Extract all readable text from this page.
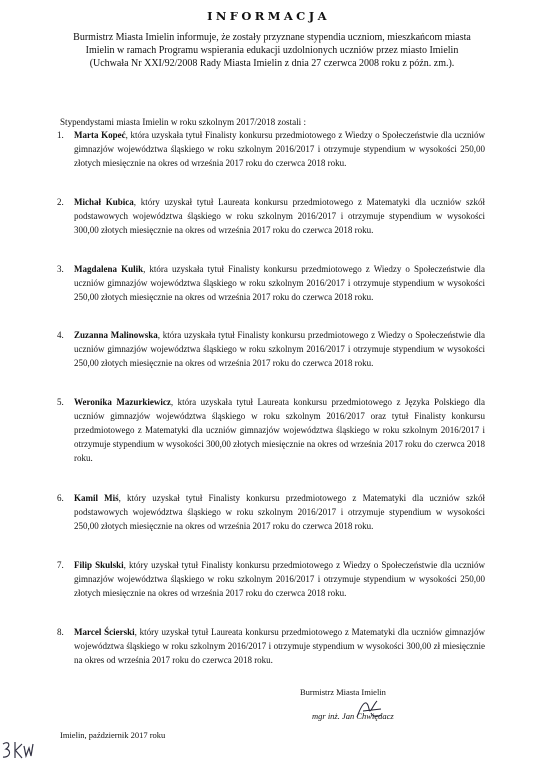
INFORMACJA
Burmistrz Miasta Imielin informuje, że zostały przyznane stypendia uczniom, mieszkańcom miasta Imielin w ramach Programu wspierania edukacji uzdolnionych uczniów przez miasto Imielin (Uchwała Nr XXI/92/2008 Rady Miasta Imielin z dnia 27 czerwca 2008 roku z późn. zm.).
Stypendystami miasta Imielin w roku szkolnym 2017/2018 zostali :
1. Marta Kopeć, która uzyskała tytuł Finalisty konkursu przedmiotowego z Wiedzy o Społeczeństwie dla uczniów gimnazjów województwa śląskiego w roku szkolnym 2016/2017 i otrzymuje stypendium w wysokości 250,00 złotych miesięcznie na okres od września 2017 roku do czerwca 2018 roku.

2. Michał Kubica, który uzyskał tytuł Laureata konkursu przedmiotowego z Matematyki dla uczniów szkół podstawowych województwa śląskiego w roku szkolnym 2016/2017 i otrzymuje stypendium w wysokości 300,00 złotych miesięcznie na okres od września 2017 roku do czerwca 2018 roku.

3. Magdalena Kulik, która uzyskała tytuł Finalisty konkursu przedmiotowego z Wiedzy o Społeczeństwie dla uczniów gimnazjów województwa śląskiego w roku szkolnym 2016/2017 i otrzymuje stypendium w wysokości 250,00 złotych miesięcznie na okres od września 2017 roku do czerwca 2018 roku.

4. Zuzanna Malinowska, która uzyskała tytuł Finalisty konkursu przedmiotowego z Wiedzy o Społeczeństwie dla uczniów gimnazjów województwa śląskiego w roku szkolnym 2016/2017 i otrzymuje stypendium w wysokości 250,00 złotych miesięcznie na okres od września 2017 roku do czerwca 2018 roku.

5. Weronika Mazurkiewicz, która uzyskała tytuł Laureata konkursu przedmiotowego z Języka Polskiego dla uczniów gimnazjów województwa śląskiego w roku szkolnym 2016/2017 oraz tytuł Finalisty konkursu przedmiotowego z Matematyki dla uczniów gimnazjów województwa śląskiego w roku szkolnym 2016/2017 i otrzymuje stypendium w wysokości 300,00 złotych miesięcznie na okres od września 2017 roku do czerwca 2018 roku.

6. Kamil Miś, który uzyskał tytuł Finalisty konkursu przedmiotowego z Matematyki dla uczniów szkół podstawowych województwa śląskiego w roku szkolnym 2016/2017 i otrzymuje stypendium w wysokości 250,00 złotych miesięcznie na okres od września 2017 roku do czerwca 2018 roku.

7. Filip Skulski, który uzyskał tytuł Finalisty konkursu przedmiotowego z Wiedzy o Społeczeństwie dla uczniów gimnazjów województwa śląskiego w roku szkolnym 2016/2017 i otrzymuje stypendium w wysokości 250,00 złotych miesięcznie na okres od września 2017 roku do czerwca 2018 roku.

8. Marcel Ścierski, który uzyskał tytuł Laureata konkursu przedmiotowego z Matematyki dla uczniów gimnazjów województwa śląskiego w roku szkolnym 2016/2017 i otrzymuje stypendium w wysokości 300,00 zł miesięcznie na okres od września 2017 roku do czerwca 2018 roku.

Burmistrz Miasta Imielin
mgr inż. Jan Chwiędacz
Imielin, październik 2017 roku
